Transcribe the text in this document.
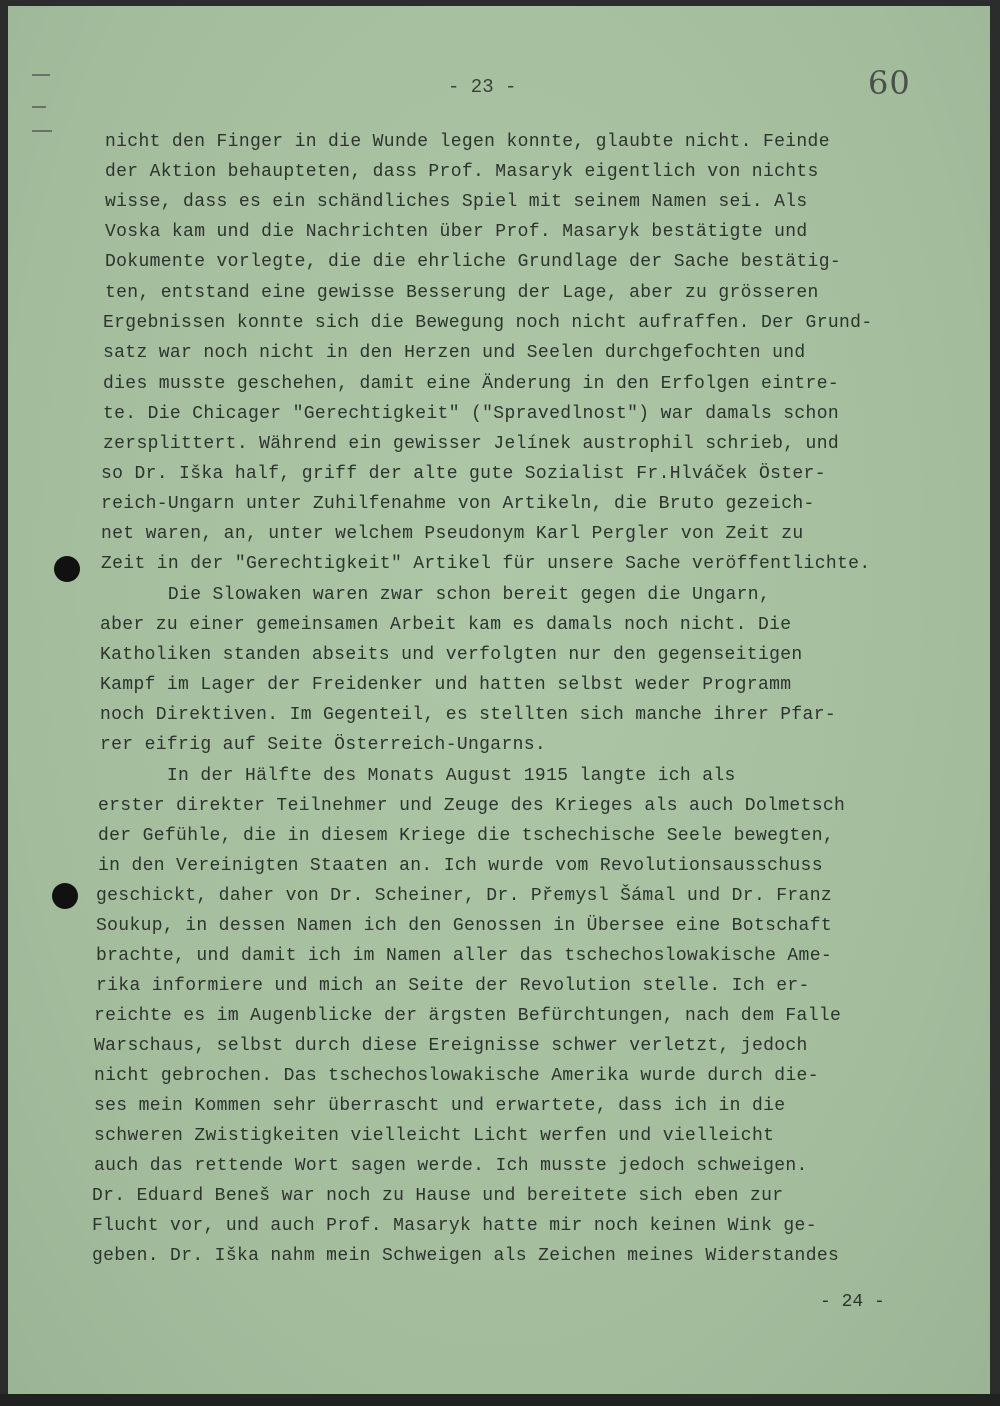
- 23 -	60
nicht den Finger in die Wunde legen konnte, glaubte nicht. Feinde
der Aktion behaupteten, dass Prof. Masaryk eigentlich von nichts
wisse, dass es ein schändliches Spiel mit seinem Namen sei. Als
Voska kam und die Nachrichten über Prof. Masaryk bestätigte und
Dokumente vorlegte, die die ehrliche Grundlage der Sache bestätig-
ten, entstand eine gewisse Besserung der Lage, aber zu grösseren
Ergebnissen konnte sich die Bewegung noch nicht aufraffen. Der Grund-
satz war noch nicht in den Herzen und Seelen durchgefochten und
dies musste geschehen, damit eine Änderung in den Erfolgen eintre-
te. Die Chicager "Gerechtigkeit" ("Spravedlnost") war damals schon
zersplittert. Während ein gewisser Jelínek austrophil schrieb, und
so Dr. Iška half, griff der alte gute Sozialist Fr.Hlváček Öster-
reich-Ungarn unter Zuhilfenahme von Artikeln, die Bruto gezeich-
net waren, an, unter welchem Pseudonym Karl Pergler von Zeit zu
Zeit in der "Gerechtigkeit" Artikel für unsere Sache veröffentlichte.
Die Slowaken waren zwar schon bereit gegen die Ungarn,
aber zu einer gemeinsamen Arbeit kam es damals noch nicht. Die
Katholiken standen abseits und verfolgten nur den gegenseitigen
Kampf im Lager der Freidenker und hatten selbst weder Programm
noch Direktiven. Im Gegenteil, es stellten sich manche ihrer Pfar-
rer eifrig auf Seite Österreich-Ungarns.
In der Hälfte des Monats August 1915 langte ich als
erster direkter Teilnehmer und Zeuge des Krieges als auch Dolmetsch
der Gefühle, die in diesem Kriege die tschechische Seele bewegten,
in den Vereinigten Staaten an. Ich wurde vom Revolutionsausschuss
geschickt, daher von Dr. Scheiner, Dr. Přemysl Šámal und Dr. Franz
Soukup, in dessen Namen ich den Genossen in Übersee eine Botschaft
brachte, und damit ich im Namen aller das tschechoslowakische Ame-
rika informiere und mich an Seite der Revolution stelle. Ich er-
reichte es im Augenblicke der ärgsten Befürchtungen, nach dem Falle
Warschaus, selbst durch diese Ereignisse schwer verletzt, jedoch
nicht gebrochen. Das tschechoslowakische Amerika wurde durch die-
ses mein Kommen sehr überrascht und erwartete, dass ich in die
schweren Zwistigkeiten vielleicht Licht werfen und vielleicht
auch das rettende Wort sagen werde. Ich musste jedoch schweigen.
Dr. Eduard Beneš war noch zu Hause und bereitete sich eben zur
Flucht vor, und auch Prof. Masaryk hatte mir noch keinen Wink ge-
geben. Dr. Iška nahm mein Schweigen als Zeichen meines Widerstandes
- 24 -
